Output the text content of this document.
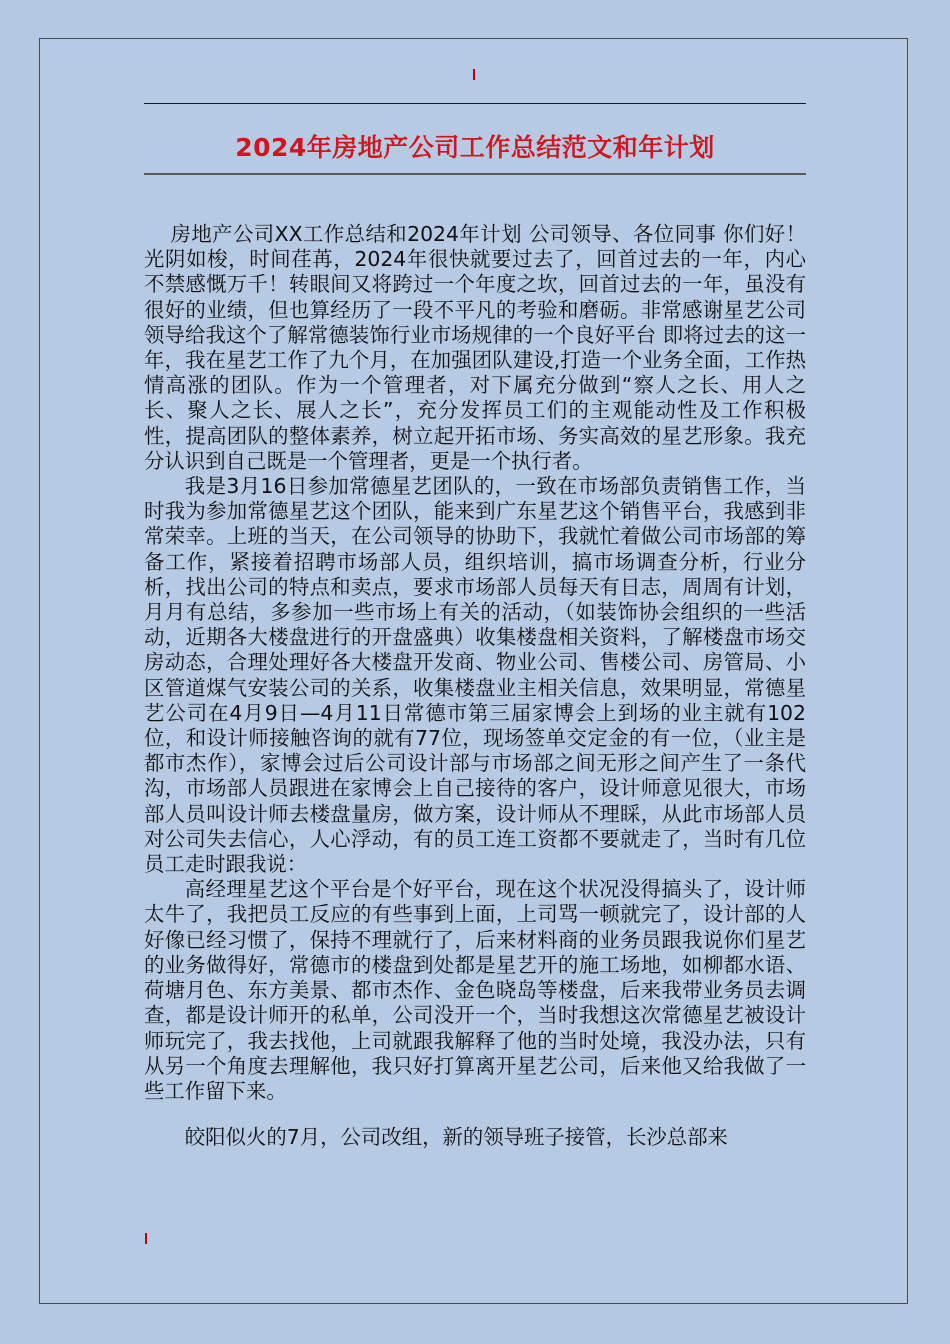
2024年房地产公司工作总结范文和年计划

房地产公司XX工作总结和2024年计划 公司领导、各位同事 你们好！ 光阴如梭，时间荏苒，2024年很快就要过去了，回首过去的一年，内心不禁感慨万千！转眼间又将跨过一个年度之坎，回首过去的一年，虽没有很好的业绩，但也算经历了一段不平凡的考验和磨砺。非常感谢星艺公司领导给我这个了解常德装饰行业市场规律的一个良好平台 即将过去的这一年，我在星艺工作了九个月，在加强团队建设,打造一个业务全面，工作热情高涨的团队。作为一个管理者，对下属充分做到“察人之长、用人之长、聚人之长、展人之长”，充分发挥员工们的主观能动性及工作积极性，提高团队的整体素养，树立起开拓市场、务实高效的星艺形象。我充分认识到自己既是一个管理者，更是一个执行者。

我是3月16日参加常德星艺团队的，一致在市场部负责销售工作，当时我为参加常德星艺这个团队，能来到广东星艺这个销售平台，我感到非常荣幸。上班的当天，在公司领导的协助下，我就忙着做公司市场部的筹备工作，紧接着招聘市场部人员，组织培训，搞市场调查分析，行业分析，找出公司的特点和卖点，要求市场部人员每天有日志，周周有计划，月月有总结，多参加一些市场上有关的活动，（如装饰协会组织的一些活动，近期各大楼盘进行的开盘盛典）收集楼盘相关资料，了解楼盘市场交房动态，合理处理好各大楼盘开发商、物业公司、售楼公司、房管局、小区管道煤气安装公司的关系，收集楼盘业主相关信息，效果明显，常德星艺公司在4月9日—4月11日常德市第三届家博会上到场的业主就有102位，和设计师接触咨询的就有77位，现场签单交定金的有一位，（业主是都市杰作），家博会过后公司设计部与市场部之间无形之间产生了一条代沟，市场部人员跟进在家博会上自己接待的客户，设计师意见很大，市场部人员叫设计师去楼盘量房，做方案，设计师从不理睬，从此市场部人员对公司失去信心，人心浮动，有的员工连工资都不要就走了，当时有几位员工走时跟我说：

高经理星艺这个平台是个好平台，现在这个状况没得搞头了，设计师太牛了，我把员工反应的有些事到上面，上司骂一顿就完了，设计部的人好像已经习惯了，保持不理就行了，后来材料商的业务员跟我说你们星艺的业务做得好，常德市的楼盘到处都是星艺开的施工场地，如柳都水语、荷塘月色、东方美景、都市杰作、金色晓岛等楼盘，后来我带业务员去调查，都是设计师开的私单，公司没开一个，当时我想这次常德星艺被设计师玩完了，我去找他，上司就跟我解释了他的当时处境，我没办法，只有从另一个角度去理解他，我只好打算离开星艺公司，后来他又给我做了一些工作留下来。

皎阳似火的7月，公司改组，新的领导班子接管，长沙总部来
